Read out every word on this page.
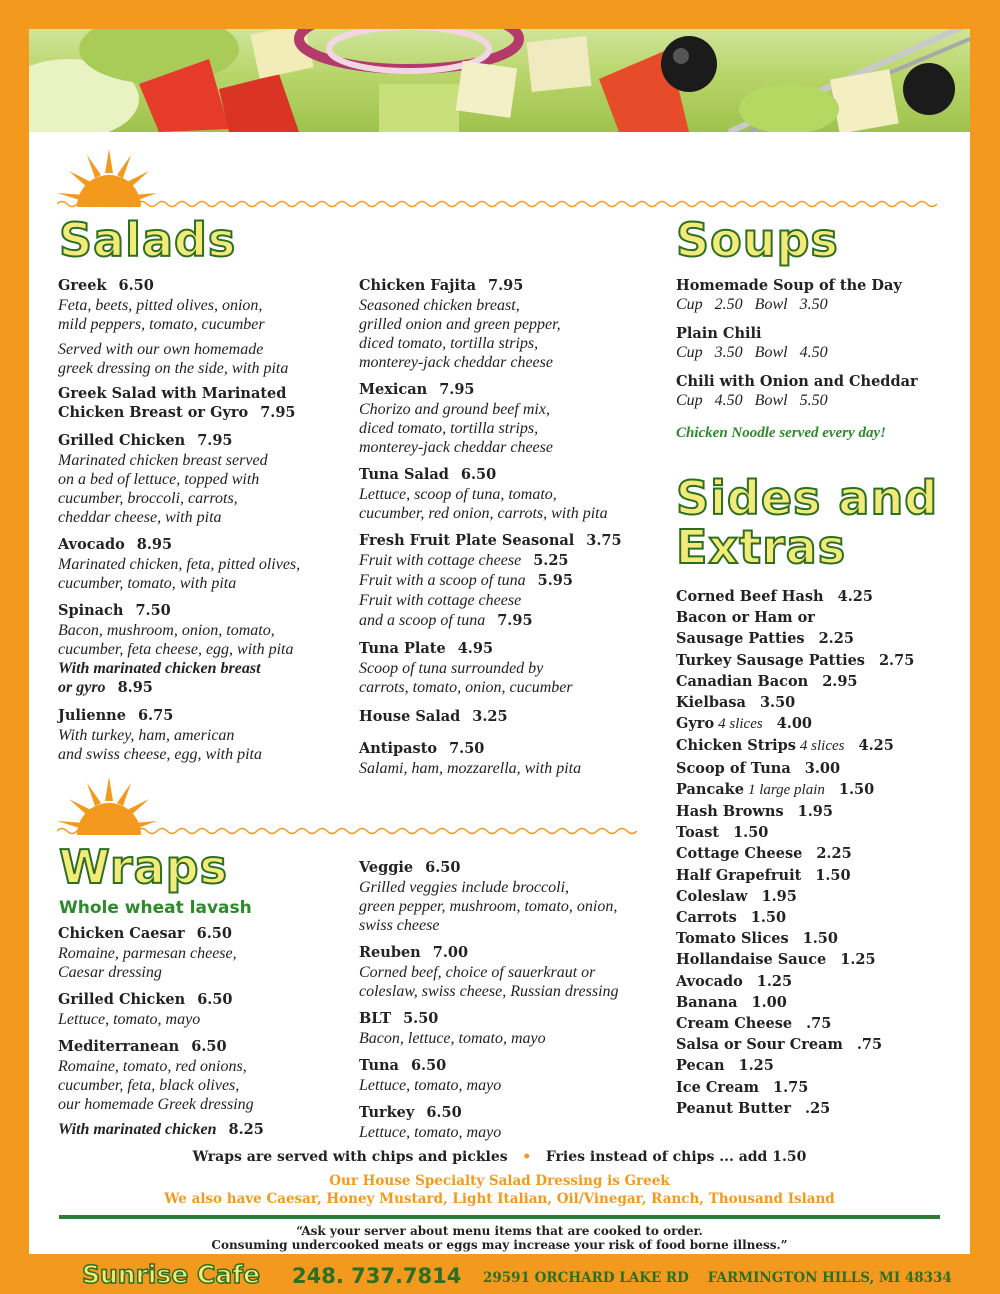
Salads	Soups
Greek 6.50
Feta, beets, pitted olives, onion,
mild peppers, tomato, cucumber
Served with our own homemade
greek dressing on the side, with pita
Greek Salad with Marinated
Chicken Breast or Gyro 7.95
Grilled Chicken 7.95
Marinated chicken breast served
on a bed of lettuce, topped with
cucumber, broccoli, carrots,
cheddar cheese, with pita
Avocado 8.95
Marinated chicken, feta, pitted olives,
cucumber, tomato, with pita
Spinach 7.50
Bacon, mushroom, onion, tomato,
cucumber, feta cheese, egg, with pita
With marinated chicken breast
or gyro 8.95
Julienne 6.75
With turkey, ham, american
and swiss cheese, egg, with pita
Chicken Fajita 7.95
Seasoned chicken breast,
grilled onion and green pepper,
diced tomato, tortilla strips,
monterey-jack cheddar cheese
Mexican 7.95
Chorizo and ground beef mix,
diced tomato, tortilla strips,
monterey-jack cheddar cheese
Tuna Salad 6.50
Lettuce, scoop of tuna, tomato,
cucumber, red onion, carrots, with pita
Fresh Fruit Plate Seasonal 3.75
Fruit with cottage cheese 5.25
Fruit with a scoop of tuna 5.95
Fruit with cottage cheese
and a scoop of tuna 7.95
Tuna Plate 4.95
Scoop of tuna surrounded by
carrots, tomato, onion, cucumber
House Salad 3.25
Antipasto 7.50
Salami, ham, mozzarella, with pita
Homemade Soup of the Day
Cup 2.50 Bowl 3.50
Plain Chili
Cup 3.50 Bowl 4.50
Chili with Onion and Cheddar
Cup 4.50 Bowl 5.50
Chicken Noodle served every day!
Sides and
Extras
Corned Beef Hash 4.25
Bacon or Ham or
Sausage Patties 2.25
Turkey Sausage Patties 2.75
Canadian Bacon 2.95
Kielbasa 3.50
Gyro 4 slices 4.00
Chicken Strips 4 slices 4.25
Scoop of Tuna 3.00
Pancake 1 large plain 1.50
Hash Browns 1.95
Toast 1.50
Cottage Cheese 2.25
Half Grapefruit 1.50
Coleslaw 1.95
Carrots 1.50
Tomato Slices 1.50
Hollandaise Sauce 1.25
Avocado 1.25
Banana 1.00
Cream Cheese .75
Salsa or Sour Cream .75
Pecan 1.25
Ice Cream 1.75
Peanut Butter .25
Wraps
Whole wheat lavash
Chicken Caesar 6.50
Romaine, parmesan cheese,
Caesar dressing
Grilled Chicken 6.50
Lettuce, tomato, mayo
Mediterranean 6.50
Romaine, tomato, red onions,
cucumber, feta, black olives,
our homemade Greek dressing
With marinated chicken 8.25
Veggie 6.50
Grilled veggies include broccoli,
green pepper, mushroom, tomato, onion,
swiss cheese
Reuben 7.00
Corned beef, choice of sauerkraut or
coleslaw, swiss cheese, Russian dressing
BLT 5.50
Bacon, lettuce, tomato, mayo
Tuna 6.50
Lettuce, tomato, mayo
Turkey 6.50
Lettuce, tomato, mayo
Wraps are served with chips and pickles • Fries instead of chips ... add 1.50
Our House Specialty Salad Dressing is Greek
We also have Caesar, Honey Mustard, Light Italian, Oil/Vinegar, Ranch, Thousand Island
“Ask your server about menu items that are cooked to order.
Consuming undercooked meats or eggs may increase your risk of food borne illness.”
Sunrise Cafe 248. 737.7814 29591 ORCHARD LAKE RD FARMINGTON HILLS, MI 48334
